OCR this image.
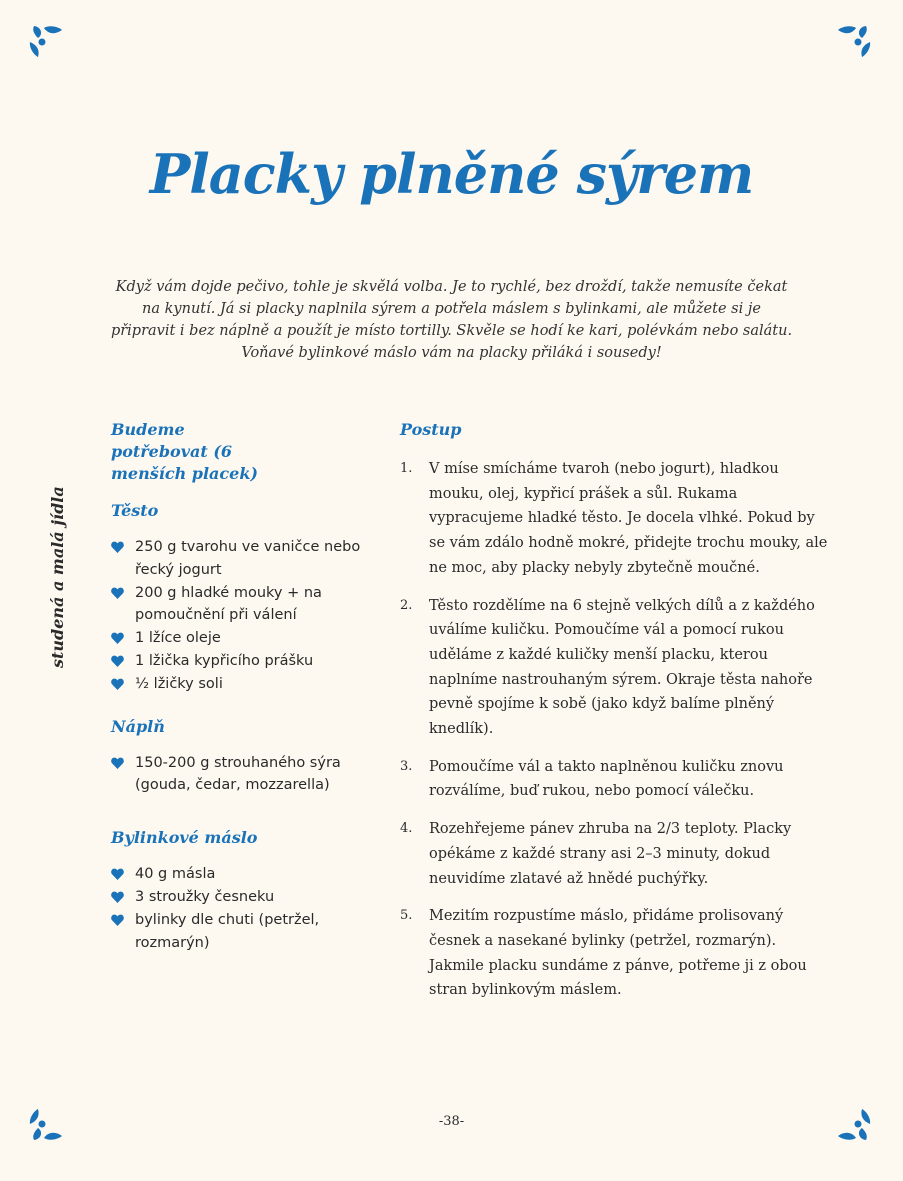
Placky plněné sýrem

Když vám dojde pečivo, tohle je skvělá volba. Je to rychlé, bez droždí, takže nemusíte čekat na kynutí. Já si placky naplnila sýrem a potřela máslem s bylinkami, ale můžete si je připravit i bez náplně a použít je místo tortilly. Skvěle se hodí ke kari, polévkám nebo salátu. Voňavé bylinkové máslo vám na placky přiláká i sousedy!

studená a malá jídla
Budeme potřebovat (6 menších placek)
Těsto
250 g tvarohu ve vaničce nebo řecký jogurt
200 g hladké mouky + na pomoučnění při válení
1 lžíce oleje
1 lžička kypřicího prášku
½ lžičky soli
Náplň
150-200 g strouhaného sýra (gouda, čedar, mozzarella)
Bylinkové máslo
40 g másla
3 stroužky česneku
bylinky dle chuti (petržel, rozmarýn)
Postup
1. V míse smícháme tvaroh (nebo jogurt), hladkou mouku, olej, kypřicí prášek a sůl. Rukama vypracujeme hladké těsto. Je docela vlhké. Pokud by se vám zdálo hodně mokré, přidejte trochu mouky, ale ne moc, aby placky nebyly zbytečně moučné.
2. Těsto rozdělíme na 6 stejně velkých dílů a z každého uválíme kuličku. Pomoučíme vál a pomocí rukou uděláme z každé kuličky menší placku, kterou naplníme nastrouhaným sýrem. Okraje těsta nahoře pevně spojíme k sobě (jako když balíme plněný knedlík).
3. Pomoučíme vál a takto naplněnou kuličku znovu rozválíme, buď rukou, nebo pomocí válečku.
4. Rozehřejeme pánev zhruba na 2/3 teploty. Placky opékáme z každé strany asi 2–3 minuty, dokud neuvidíme zlatavé až hnědé puchýřky.
5. Mezitím rozpustíme máslo, přidáme prolisovaný česnek a nasekané bylinky (petržel, rozmarýn). Jakmile placku sundáme z pánve, potřeme ji z obou stran bylinkovým máslem.
-38-
